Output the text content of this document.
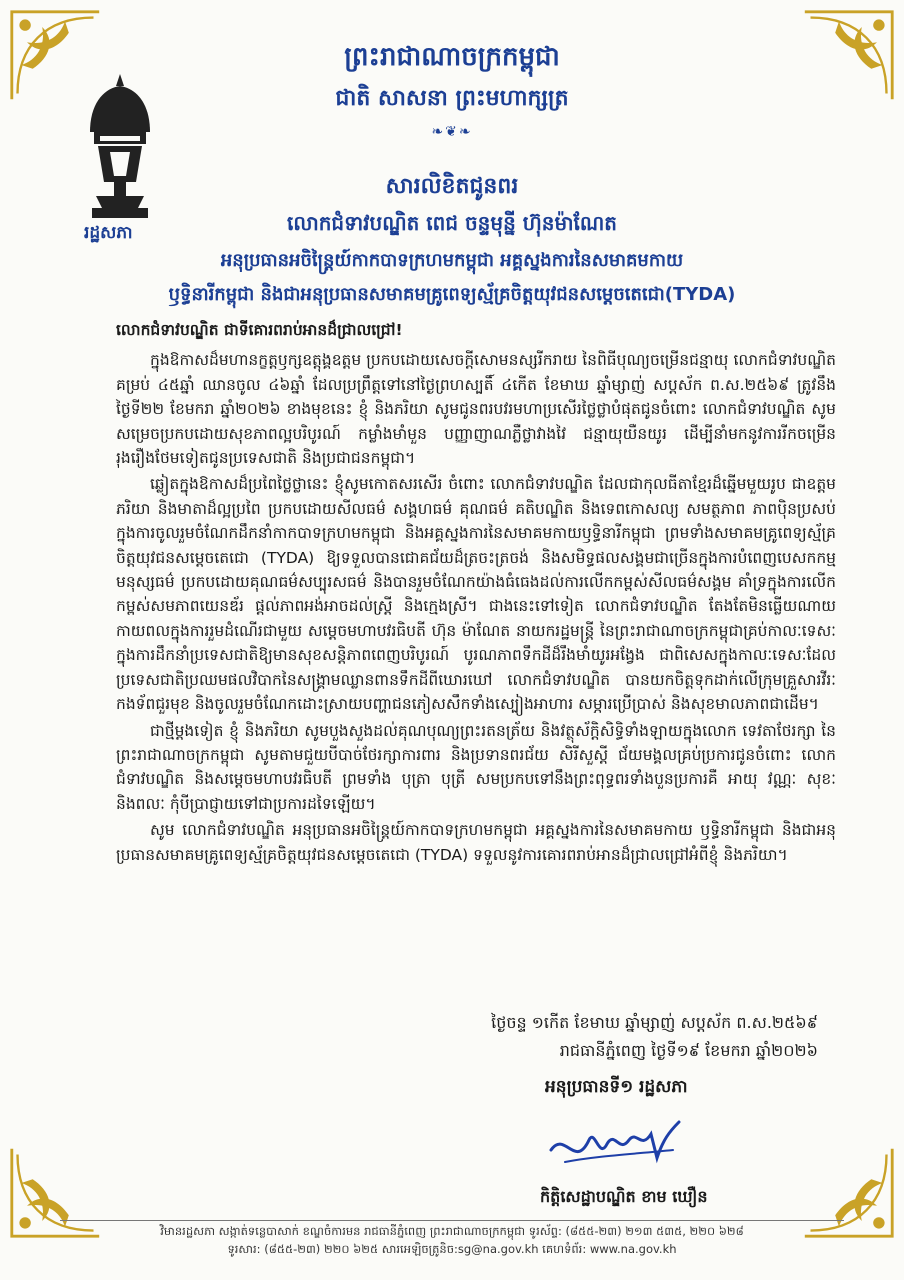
ព្រះរាជាណាចក្រកម្ពុជា
ជាតិ សាសនា ព្រះមហាក្សត្រ
❧❦❧
សារលិខិតជូនពរ
រដ្ឋសភា	លោកជំទាវបណ្ឌិត ពេជ ចន្ទមុន្នី ហ៊ុនម៉ាណែត
អនុប្រធានអចិន្ត្រៃយ៍កាកបាទក្រហមកម្ពុជា អគ្គស្នងការនៃសមាគមកាយ
ឫទ្ធិនារីកម្ពុជា និងជាអនុប្រធានសមាគមគ្រូពេទ្យស្ម័គ្រចិត្តយុវជនសម្ដេចតេជោ(TYDA)

លោកជំទាវបណ្ឌិត ជាទីគោរពរាប់អានដ៏ជ្រាលជ្រៅ!

ក្នុងឱកាសដ៏មហានក្ខត្តឫក្សឧត្តុង្គឧត្តម ប្រកបដោយសេចក្តីសោមនស្សរីករាយ នៃពិធីបុណ្យចម្រើនជន្មាយុ លោកជំទាវបណ្ឌិត គម្រប់ ៤៥ឆ្នាំ ឈានចូល ៤៦ឆ្នាំ ដែលប្រព្រឹត្តទៅនៅថ្ងៃព្រហស្បតិ៍ ៤កើត ខែមាឃ ឆ្នាំម្សាញ់ សប្តស័ក ព.ស.២៥៦៩ ត្រូវនឹងថ្ងៃទី២២ ខែមករា ឆ្នាំ២០២៦ ខាងមុខនេះ ខ្ញុំ និងភរិយា សូមជូនពរបវរមហាប្រសើរថ្លៃថ្លាបំផុតជូនចំពោះ លោកជំទាវបណ្ឌិត សូមសម្រេចប្រកបដោយសុខភាពល្អបរិបូរណ៍ កម្លាំងមាំមួន បញ្ញាញាណភ្លឺថ្លាវាងវៃ ជន្មាយុយឺនយូរ ដើម្បីនាំមកនូវការរីកចម្រើនរុងរឿងថែមទៀតជូនប្រទេសជាតិ និងប្រជាជនកម្ពុជា។

ឆ្លៀតក្នុងឱកាសដ៏ប្រពៃថ្លៃថ្លានេះ ខ្ញុំសូមកោតសរសើរ ចំពោះ លោកជំទាវបណ្ឌិត ដែលជាកុលធីតាខ្មែរដ៏ឆ្នើមមួយរូប ជាឧត្តមភរិយា និងមាតាដ៏ល្អប្រពៃ ប្រកបដោយសីលធម៌ សង្គហធម៌ គុណធម៌ គតិបណ្ឌិត និងទេពកោសល្យ សមត្ថភាព ភាពប៉ិនប្រសប់ ក្នុងការចូលរួមចំណែកដឹកនាំកាកបាទក្រហមកម្ពុជា និងអគ្គស្នងការនៃសមាគមកាយឫទ្ធិនារីកម្ពុជា ព្រមទាំងសមាគមគ្រូពេទ្យស្ម័គ្រចិត្តយុវជនសម្តេចតេជោ (TYDA) ឱ្យទទួលបានជោគជ័យដ៏ត្រចះត្រចង់ និងសមិទ្ធផលសង្គមជាច្រើនក្នុងការបំពេញបេសកកម្មមនុស្សធម៌ ប្រកបដោយគុណធម៌សប្បុរសធម៌ និងបានរួមចំណែកយ៉ាងធំធេងដល់ការលើកកម្ពស់សីលធម៌សង្គម គាំទ្រក្នុងការលើកកម្ពស់សមភាពយេនឌ័រ ផ្តល់ភាពអង់អាចដល់ស្ត្រី និងក្មេងស្រី។ ជាងនេះទៅទៀត លោកជំទាវបណ្ឌិត តែងតែមិនធ្លើយណាយកាយពលក្នុងការរួមដំណើរជាមួយ សម្តេចមហាបវរធិបតី ហ៊ុន ម៉ាណែត នាយករដ្ឋមន្ត្រី នៃព្រះរាជាណាចក្រកម្ពុជាគ្រប់កាលៈទេសៈក្នុងការដឹកនាំប្រទេសជាតិឱ្យមានសុខសន្តិភាពពេញបរិបូរណ៍ បូរណភាពទឹកដីដ៏រឹងមាំយូរអង្វែង ជាពិសេសក្នុងកាលៈទេសៈដែលប្រទេសជាតិប្រឈមផលវិបាកនៃសង្គ្រាមឈ្លានពានទឹកដីពីឃោរឃៅ លោកជំទាវបណ្ឌិត បានយកចិត្តទុកដាក់លើក្រុមគ្រួសារវីរៈកងទ័ពជួរមុខ និងចូលរួមចំណែកដោះស្រាយបញ្ហាជនភៀសសឹកទាំងស្បៀងអាហារ សម្ភារប្រើប្រាស់ និងសុខមាលភាពជាដើម។

ជាថ្មីម្តងទៀត ខ្ញុំ និងភរិយា សូមបួងសួងដល់គុណបុណ្យព្រះរតនត្រ័យ និងវត្ថុស័ក្តិសិទ្ធិទាំងឡាយក្នុងលោក ទេវតាថែរក្សា នៃព្រះរាជាណាចក្រកម្ពុជា សូមតាមជួយបីបាច់ថែរក្សាការពារ និងប្រទានពរជ័យ សិរីសួស្តី ជ័យមង្គលគ្រប់ប្រការជូនចំពោះ លោកជំទាវបណ្ឌិត និងសម្តេចមហាបវរធិបតី ព្រមទាំង បុត្រា បុត្រី សមប្រកបទៅនឹងព្រះពុទ្ធពរទាំងបួនប្រការគឺ អាយុ វណ្ណៈ សុខៈ និងពលៈ កុំបីប្រាជ្ញាយទៅជាប្រការដទៃឡើយ។

សូម លោកជំទាវបណ្ឌិត អនុប្រធានអចិន្ត្រៃយ៍កាកបាទក្រហមកម្ពុជា អគ្គស្នងការនៃសមាគមកាយ ឫទ្ធិនារីកម្ពុជា និងជាអនុប្រធានសមាគមគ្រូពេទ្យស្ម័គ្រចិត្តយុវជនសម្តេចតេជោ (TYDA) ទទួលនូវការគោរពរាប់អានដ៏ជ្រាលជ្រៅអំពីខ្ញុំ និងភរិយា។

ថ្ងៃចន្ទ ១កើត ខែមាឃ ឆ្នាំម្សាញ់ សប្តស័ក ព.ស.២៥៦៩
រាជធានីភ្នំពេញ ថ្ងៃទី១៩ ខែមករា ឆ្នាំ២០២៦
អនុប្រធានទី១ រដ្ឋសភា
កិត្តិសេដ្ឋាបណ្ឌិត ខាម ឃឿន
វិមានរដ្ឋសភា សង្កាត់ទន្លេបាសាក់ ខណ្ឌចំការមន រាជធានីភ្នំពេញ ព្រះរាជាណាចក្រកម្ពុជា ទូរស័ព្ទ: (៨៥៥-២៣) ២១៣ ៥៣៥, ២២០ ៦២៨
ទូរសារ: (៨៥៥-២៣) ២២០ ៦២៥ សារអេឡិចត្រូនិច:sg@na.gov.kh គេហទំព័រ: www.na.gov.kh
